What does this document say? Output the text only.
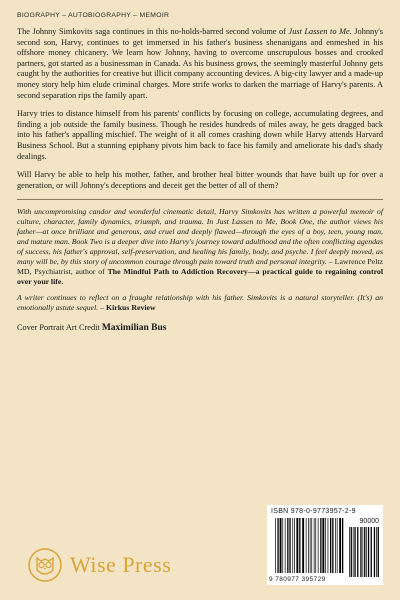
BIOGRAPHY – AUTOBIOGRAPHY – MEMOIR

The Johnny Simkovits saga continues in this no-holds-barred second volume of Just Lassen to Me. Johnny's second son, Harvy, continues to get immersed in his father's business shenanigans and enmeshed in his offshore money chicanery. We learn how Johnny, having to overcome unscrupulous bosses and crooked partners, got started as a businessman in Canada. As his business grows, the seemingly masterful Johnny gets caught by the authorities for creative but illicit company accounting devices. A big-city lawyer and a made-up money story help him elude criminal charges. More strife works to darken the marriage of Harvy's parents. A second separation rips the family apart.

Harvy tries to distance himself from his parents' conflicts by focusing on college, accumulating degrees, and finding a job outside the family business. Though he resides hundreds of miles away, he gets dragged back into his father's appalling mischief. The weight of it all comes crashing down while Harvy attends Harvard Business School. But a stunning epiphany pivots him back to face his family and ameliorate his dad's shady dealings.

Will Harvy be able to help his mother, father, and brother heal bitter wounds that have built up for over a generation, or will Johnny's deceptions and deceit get the better of all of them?

With uncompromising candor and wonderful cinematic detail, Harvy Simkovits has written a powerful memoir of culture, character, family dynamics, triumph, and trauma. In Just Lassen to Me, Book One, the author views his father—at once brilliant and generous, and cruel and deeply flawed—through the eyes of a boy, teen, young man, and mature man. Book Two is a deeper dive into Harvy's journey toward adulthood and the often conflicting agendas of success, his father's approval, self-preservation, and healing his family, body, and psyche. I feel deeply moved, as many will be, by this story of uncommon courage through pain toward truth and personal integrity. – Lawrence Peltz MD, Psychiatrist, author of The Mindful Path to Addiction Recovery—a practical guide to regaining control over your life.

A writer continues to reflect on a fraught relationship with his father. Simkovits is a natural storyteller. (It's) an emotionally astute sequel. – Kirkus Review

Cover Portrait Art Credit Maximilian Bus
Wise Press
ISBN 978-0-9773957-2-9
90000
9 780977 395729
